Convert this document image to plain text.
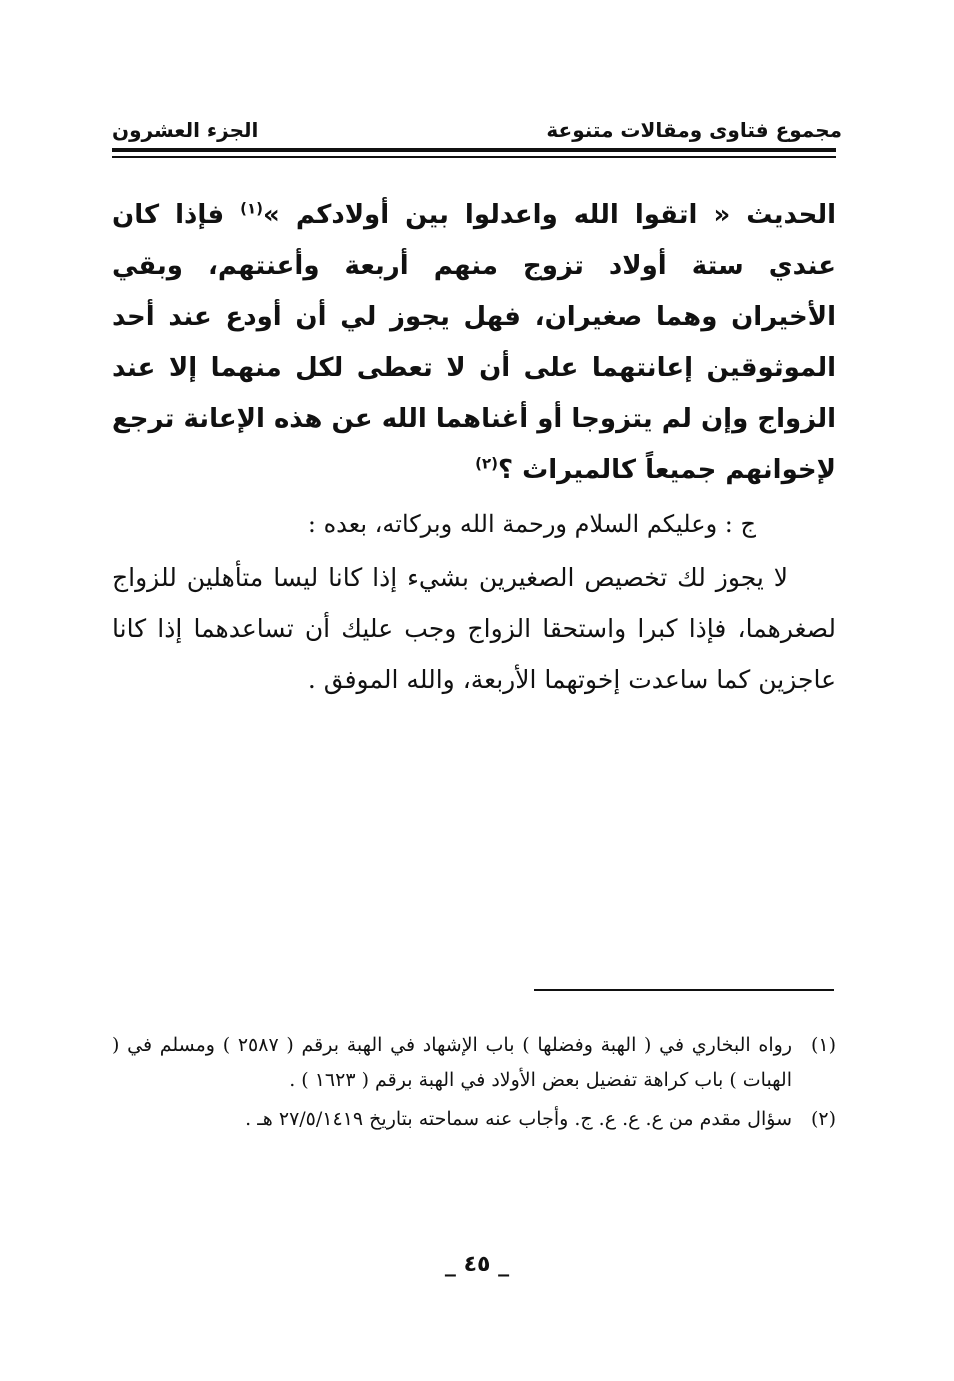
مجموع فتاوى ومقالات متنوعة
الجزء العشرون

الحديث « اتقوا الله واعدلوا بين أولادكم »$^{(١)}$ فإذا كان عندي ستة أولاد تزوج منهم أربعة وأعنتهم، وبقي الأخيران وهما صغيران، فهل يجوز لي أن أودع عند أحد الموثوقين إعانتهما على أن لا تعطى لكل منهما إلا عند الزواج وإن لم يتزوجا أو أغناهما الله عن هذه الإعانة ترجع لإخوانهم جميعاً كالميراث ؟$^{(٢)}$

ج : وعليكم السلام ورحمة الله وبركاته، بعده :

لا يجوز لك تخصيص الصغيرين بشيء إذا كانا ليسا متأهلين للزواج لصغرهما، فإذا كبرا واستحقا الزواج وجب عليك أن تساعدهما إذا كانا عاجزين كما ساعدت إخوتهما الأربعة، والله الموفق .

(١)
رواه البخاري في ( الهبة وفضلها ) باب الإشهاد في الهبة برقم ( ٢٥٨٧ ) ومسلم في ( الهبات ) باب كراهة تفضيل بعض الأولاد في الهبة برقم ( ١٦٢٣ ) .
(٢)
سؤال مقدم من ع. ع. ع. ج. وأجاب عنه سماحته بتاريخ ٢٧/٥/١٤١٩ هـ .
_ ٤٥ _
